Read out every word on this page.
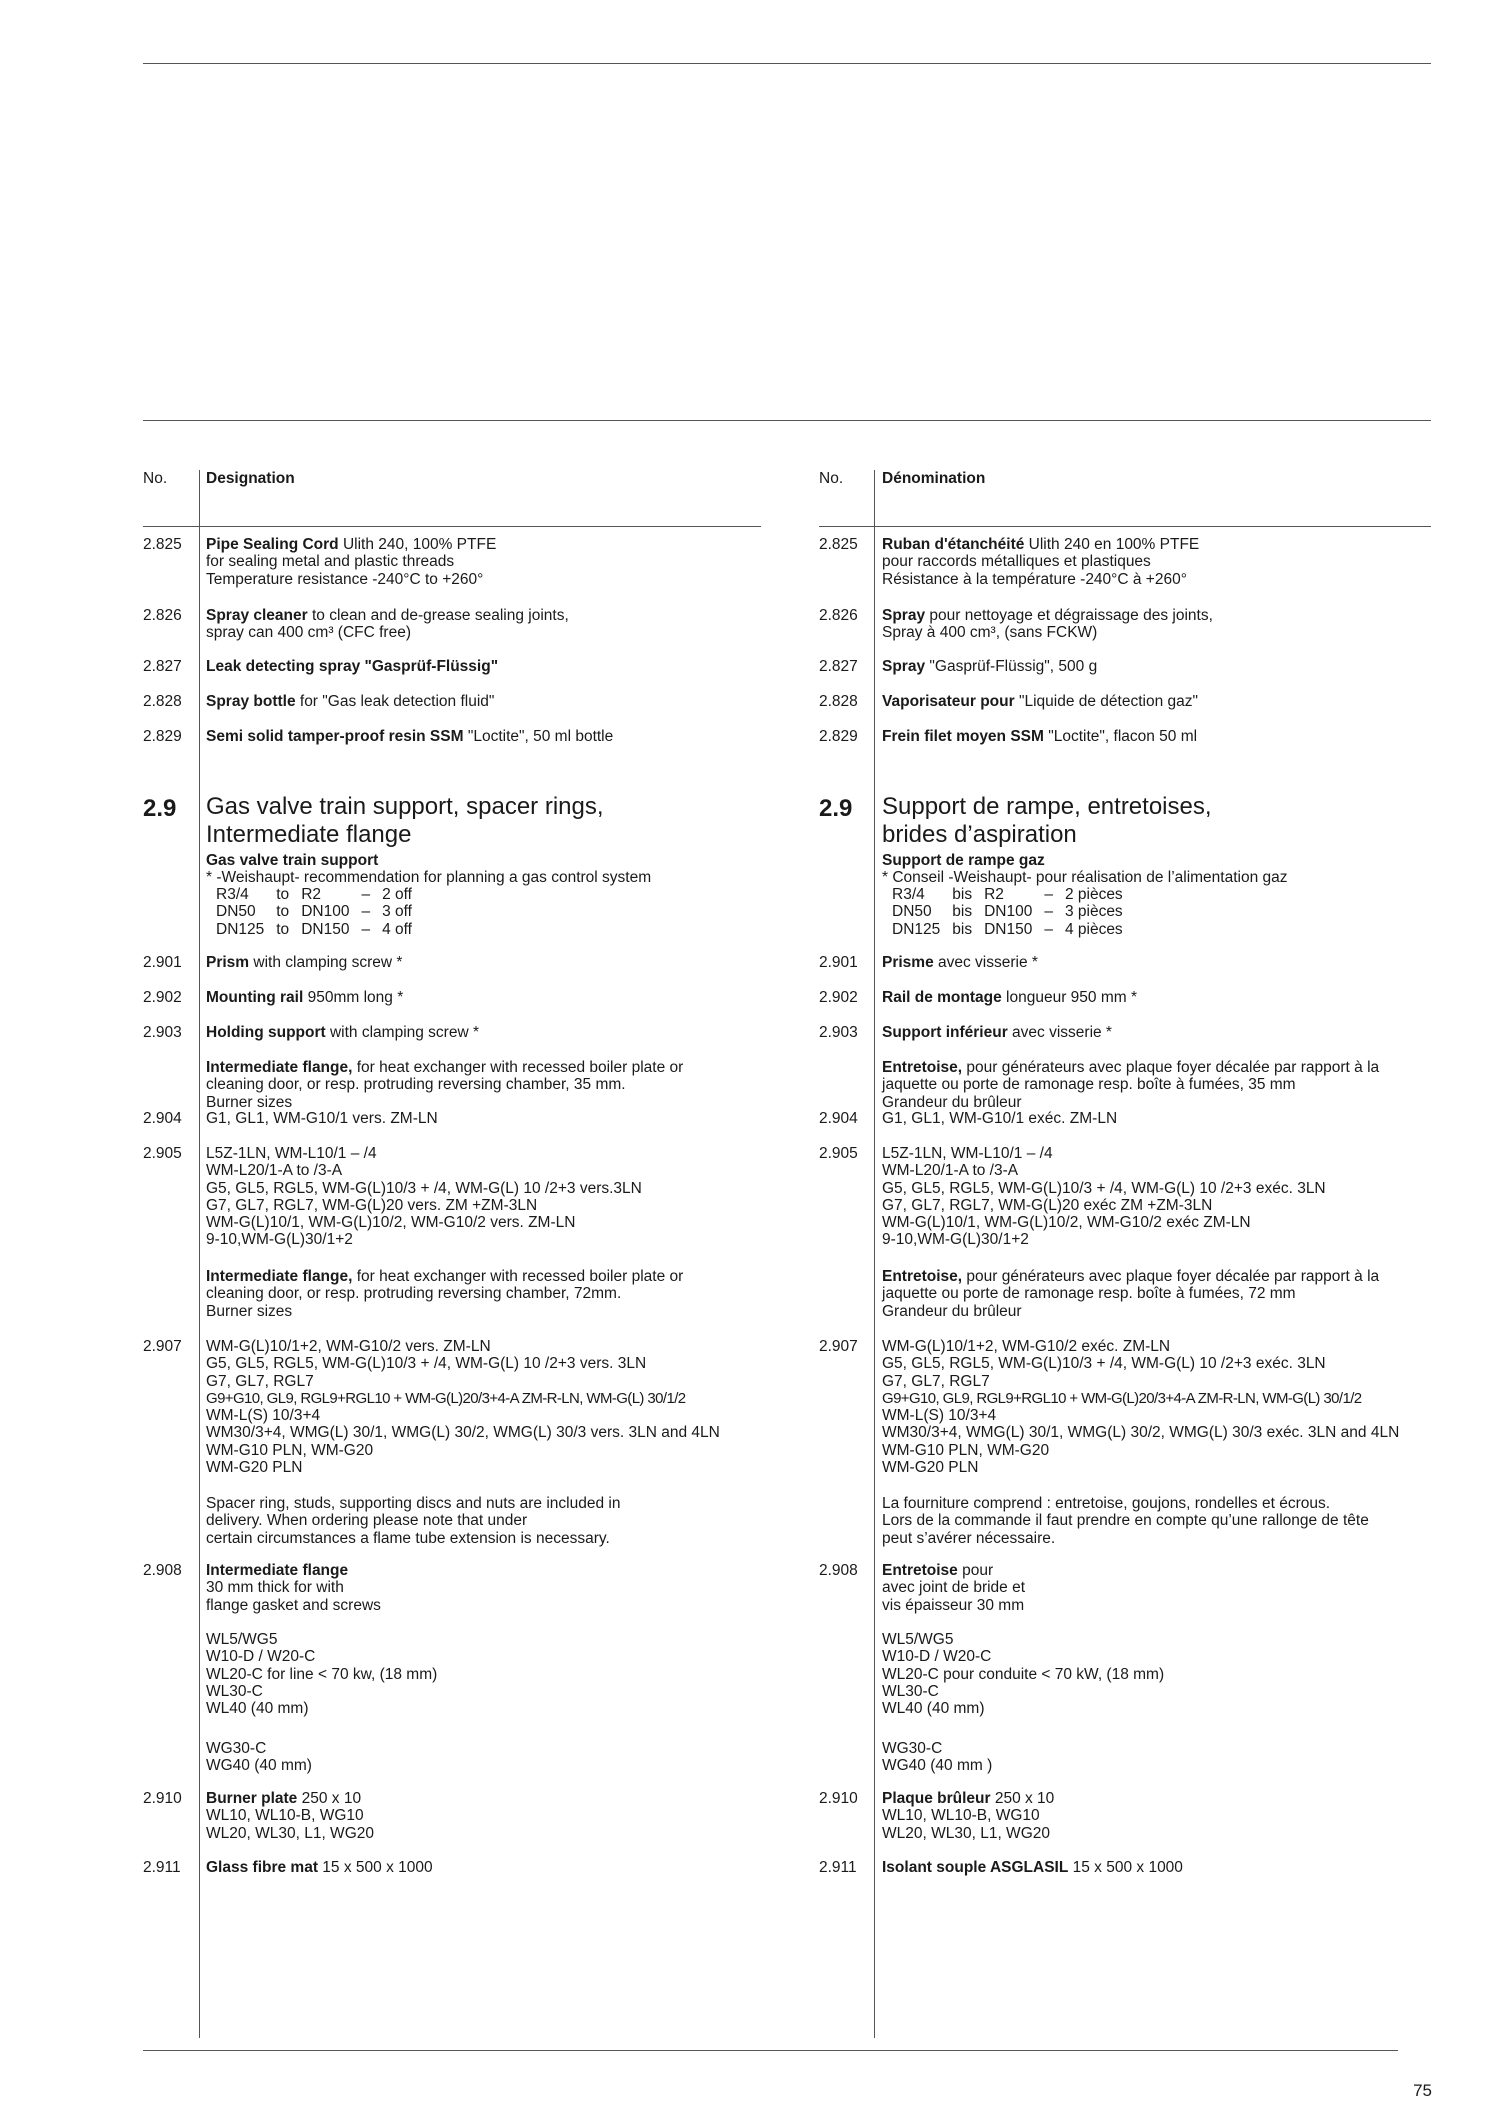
75
No.	Designation
2.825	Pipe Sealing Cord Ulith 240, 100% PTFE
for sealing metal and plastic threads
Temperature resistance -240°C to +260°
2.826	Spray cleaner to clean and de-grease sealing joints,
spray can 400 cm³ (CFC free)
2.827	Leak detecting spray "Gasprüf-Flüssig"
2.828	Spray bottle for "Gas leak detection fluid"
2.829	Semi solid tamper-proof resin SSM "Loctite", 50 ml bottle
2.9	Gas valve train support, spacer rings,
Intermediate flange
Gas valve train support
* -Weishaupt- recommendation for planning a gas control system
R3/4	to	R2	–	2 off
DN50	to	DN100	–	3 off
DN125	to	DN150	–	4 off
2.901	Prism with clamping screw *
2.902	Mounting rail 950mm long *
2.903	Holding support with clamping screw *
Intermediate flange, for heat exchanger with recessed boiler plate or
cleaning door, or resp. protruding reversing chamber, 35 mm.
Burner sizes
2.904	G1, GL1, WM-G10/1 vers. ZM-LN
2.905	L5Z-1LN, WM-L10/1 – /4
WM-L20/1-A to /3-A
G5, GL5, RGL5, WM-G(L)10/3 + /4, WM-G(L) 10 /2+3 vers.3LN
G7, GL7, RGL7, WM-G(L)20 vers. ZM +ZM-3LN
WM-G(L)10/1, WM-G(L)10/2, WM-G10/2 vers. ZM-LN
9-10,WM-G(L)30/1+2
Intermediate flange, for heat exchanger with recessed boiler plate or
cleaning door, or resp. protruding reversing chamber, 72mm.
Burner sizes
2.907	WM-G(L)10/1+2, WM-G10/2 vers. ZM-LN
G5, GL5, RGL5, WM-G(L)10/3 + /4, WM-G(L) 10 /2+3 vers. 3LN
G7, GL7, RGL7
G9+G10, GL9, RGL9+RGL10 + WM-G(L)20/3+4-A ZM-R-LN, WM-G(L) 30/1/2
WM-L(S) 10/3+4
WM30/3+4, WMG(L) 30/1, WMG(L) 30/2, WMG(L) 30/3 vers. 3LN and 4LN
WM-G10 PLN, WM-G20
WM-G20 PLN
Spacer ring, studs, supporting discs and nuts are included in
delivery. When ordering please note that under
certain circumstances a flame tube extension is necessary.
2.908	Intermediate flange
30 mm thick for with
flange gasket and screws
WL5/WG5
W10-D / W20-C
WL20-C for line < 70 kw, (18 mm)
WL30-C
WL40 (40 mm)
WG30-C
WG40 (40 mm)
2.910	Burner plate 250 x 10
WL10, WL10-B, WG10
WL20, WL30, L1, WG20
2.911	Glass fibre mat 15 x 500 x 1000
No.	Dénomination
2.825	Ruban d'étanchéité Ulith 240 en 100% PTFE
pour raccords métalliques et plastiques
Résistance à la température -240°C à +260°
2.826	Spray pour nettoyage et dégraissage des joints,
Spray à 400 cm³, (sans FCKW)
2.827	Spray "Gasprüf-Flüssig", 500 g
2.828	Vaporisateur pour "Liquide de détection gaz"
2.829	Frein filet moyen SSM "Loctite", flacon 50 ml
2.9	Support de rampe, entretoises,
brides d’aspiration
Support de rampe gaz
* Conseil -Weishaupt- pour réalisation de l’alimentation gaz
R3/4	bis	R2	–	2 pièces
DN50	bis	DN100	–	3 pièces
DN125	bis	DN150	–	4 pièces
2.901	Prisme avec visserie *
2.902	Rail de montage longueur 950 mm *
2.903	Support inférieur avec visserie *
Entretoise, pour générateurs avec plaque foyer décalée par rapport à la
jaquette ou porte de ramonage resp. boîte à fumées, 35 mm
Grandeur du brûleur
2.904	G1, GL1, WM-G10/1 exéc. ZM-LN
2.905	L5Z-1LN, WM-L10/1 – /4
WM-L20/1-A to /3-A
G5, GL5, RGL5, WM-G(L)10/3 + /4, WM-G(L) 10 /2+3 exéc. 3LN
G7, GL7, RGL7, WM-G(L)20 exéc ZM +ZM-3LN
WM-G(L)10/1, WM-G(L)10/2, WM-G10/2 exéc ZM-LN
9-10,WM-G(L)30/1+2
Entretoise, pour générateurs avec plaque foyer décalée par rapport à la
jaquette ou porte de ramonage resp. boîte à fumées, 72 mm
Grandeur du brûleur
2.907	WM-G(L)10/1+2, WM-G10/2 exéc. ZM-LN
G5, GL5, RGL5, WM-G(L)10/3 + /4, WM-G(L) 10 /2+3 exéc. 3LN
G7, GL7, RGL7
G9+G10, GL9, RGL9+RGL10 + WM-G(L)20/3+4-A ZM-R-LN, WM-G(L) 30/1/2
WM-L(S) 10/3+4
WM30/3+4, WMG(L) 30/1, WMG(L) 30/2, WMG(L) 30/3 exéc. 3LN and 4LN
WM-G10 PLN, WM-G20
WM-G20 PLN
La fourniture comprend : entretoise, goujons, rondelles et écrous.
Lors de la commande il faut prendre en compte qu’une rallonge de tête
peut s’avérer nécessaire.
2.908	Entretoise pour
avec joint de bride et
vis épaisseur 30 mm
WL5/WG5
W10-D / W20-C
WL20-C pour conduite < 70 kW, (18 mm)
WL30-C
WL40 (40 mm)
WG30-C
WG40 (40 mm )
2.910	Plaque brûleur 250 x 10
WL10, WL10-B, WG10
WL20, WL30, L1, WG20
2.911	Isolant souple ASGLASIL 15 x 500 x 1000
